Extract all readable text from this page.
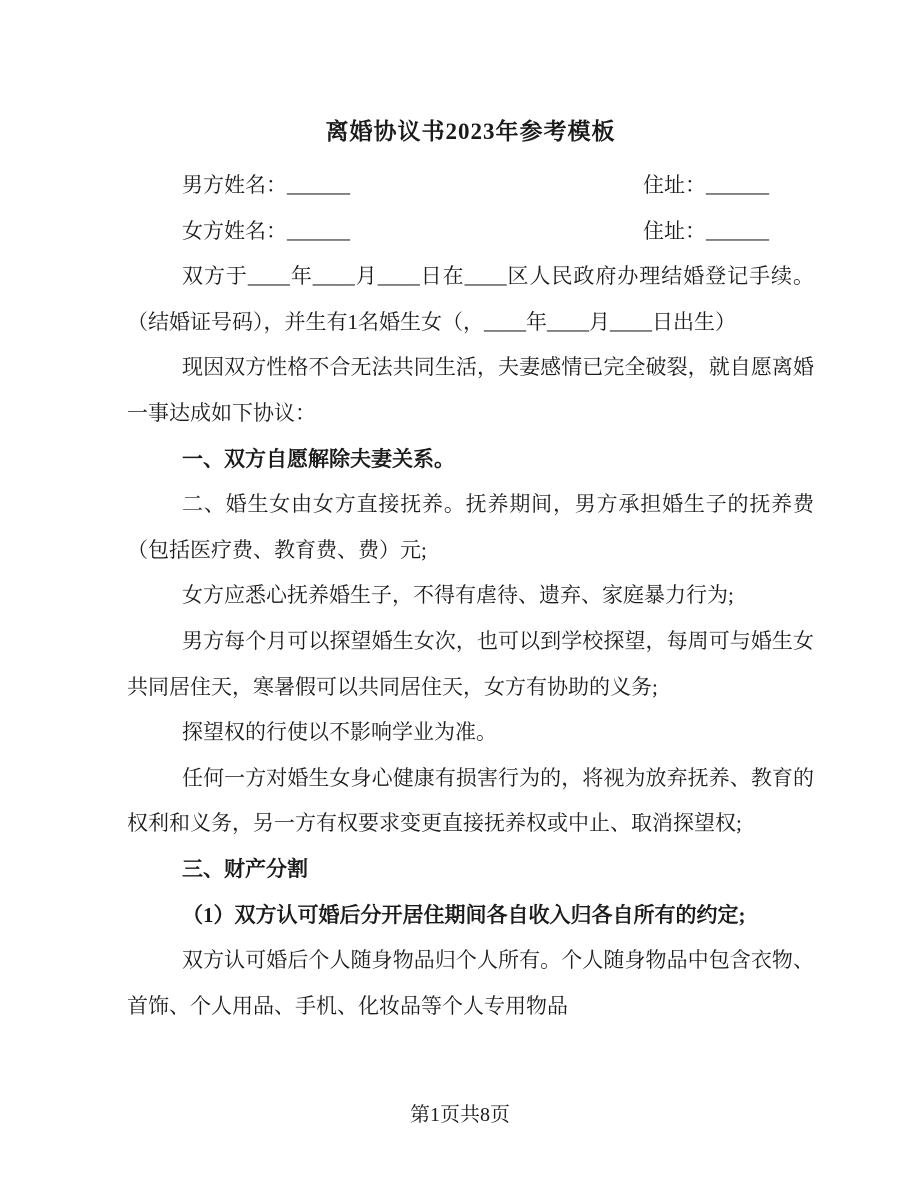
离婚协议书2023年参考模板
男方姓名：______	住址：______
女方姓名：______	住址：______

双方于____年____月____日在____区人民政府办理结婚登记手续。（结婚证号码），并生有1名婚生女（，____年____月____日出生）

现因双方性格不合无法共同生活，夫妻感情已完全破裂，就自愿离婚一事达成如下协议：

一、双方自愿解除夫妻关系。

二、婚生女由女方直接抚养。抚养期间，男方承担婚生子的抚养费（包括医疗费、教育费、费）元;

女方应悉心抚养婚生子，不得有虐待、遗弃、家庭暴力行为;

男方每个月可以探望婚生女次，也可以到学校探望，每周可与婚生女共同居住天，寒暑假可以共同居住天，女方有协助的义务;

探望权的行使以不影响学业为准。

任何一方对婚生女身心健康有损害行为的，将视为放弃抚养、教育的权利和义务，另一方有权要求变更直接抚养权或中止、取消探望权;

三、财产分割

（1）双方认可婚后分开居住期间各自收入归各自所有的约定;

双方认可婚后个人随身物品归个人所有。个人随身物品中包含衣物、首饰、个人用品、手机、化妆品等个人专用物品

第1页共8页
